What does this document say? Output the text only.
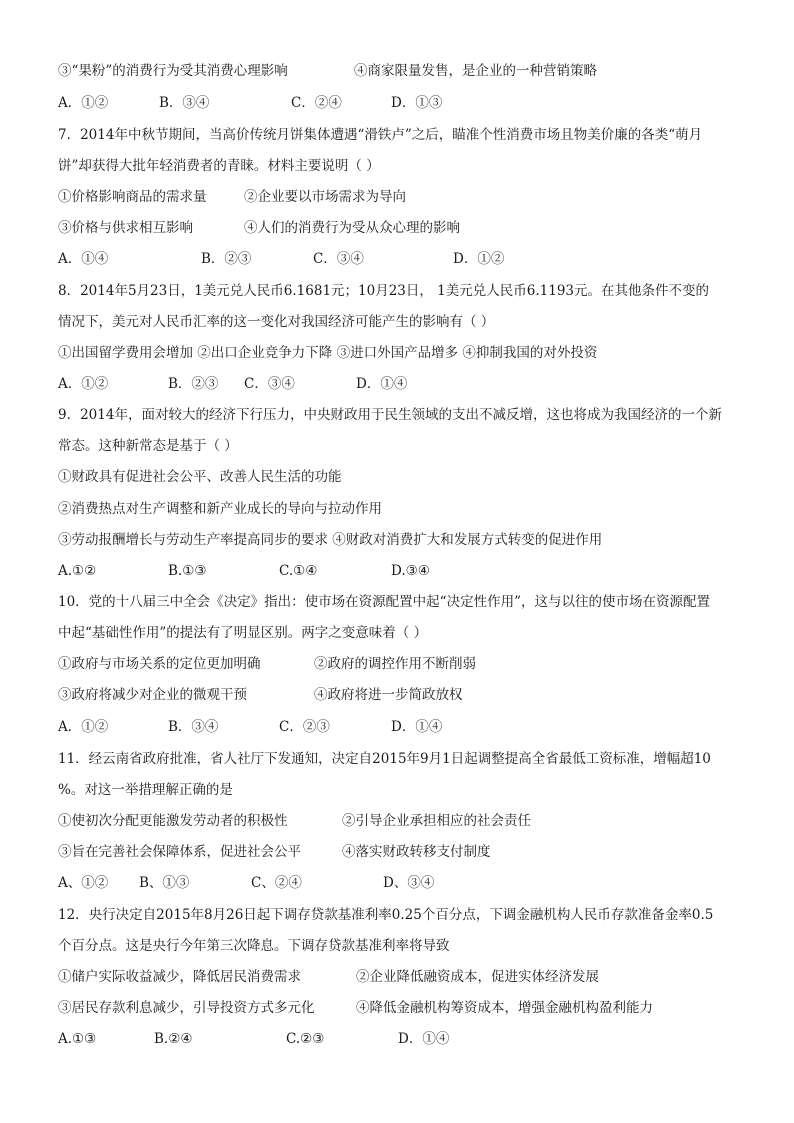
③“果粉”的消费行为受其消费心理影响	④商家限量发售，是企业的一种营销策略
A．①②	B．③④	C．②④	D．①③
7．2014年中秋节期间，当高价传统月饼集体遭遇“滑铁卢”之后，瞄准个性消费市场且物美价廉的各类“萌月
饼”却获得大批年轻消费者的青睐。材料主要说明（ ）
①价格影响商品的需求量	②企业要以市场需求为导向
③价格与供求相互影响	④人们的消费行为受从众心理的影响
A．①④	B．②③	C．③④	D．①②
8．2014年5月23日，1美元兑人民币6.1681元；10月23日， 1美元兑人民币6.1193元。在其他条件不变的
情况下，美元对人民币汇率的这一变化对我国经济可能产生的影响有（ ）
①出国留学费用会增加 ②出口企业竞争力下降 ③进口外国产品增多 ④抑制我国的对外投资
A．①②	B．②③ C．③④	D．①④
9．2014年，面对较大的经济下行压力，中央财政用于民生领域的支出不减反增，这也将成为我国经济的一个新
常态。这种新常态是基于（ ）
①财政具有促进社会公平、改善人民生活的功能
②消费热点对生产调整和新产业成长的导向与拉动作用
③劳动报酬增长与劳动生产率提高同步的要求 ④财政对消费扩大和发展方式转变的促进作用
A.①②	B.①③	C.①④	D.③④
10．党的十八届三中全会《决定》指出：使市场在资源配置中起“决定性作用”，这与以往的使市场在资源配置
中起“基础性作用”的提法有了明显区别。两字之变意味着（ ）
①政府与市场关系的定位更加明确	②政府的调控作用不断削弱
③政府将减少对企业的微观干预	④政府将进一步简政放权
A．①②	B．③④	C．②③	D．①④
11．经云南省政府批准，省人社厅下发通知，决定自2015年9月1日起调整提高全省最低工资标准，增幅超10
%。对这一举措理解正确的是
①使初次分配更能激发劳动者的积极性	②引导企业承担相应的社会责任
③旨在完善社会保障体系，促进社会公平	④落实财政转移支付制度
A、①② B、①③	C、②④	D、③④
12．央行决定自2015年8月26日起下调存贷款基准利率0.25个百分点，下调金融机构人民币存款准备金率0.5
个百分点。这是央行今年第三次降息。下调存贷款基准利率将导致
①储户实际收益减少，降低居民消费需求	②企业降低融资成本，促进实体经济发展
③居民存款利息减少，引导投资方式多元化	④降低金融机构筹资成本，增强金融机构盈利能力
A.①③	B.②④	C.②③	D．①④
